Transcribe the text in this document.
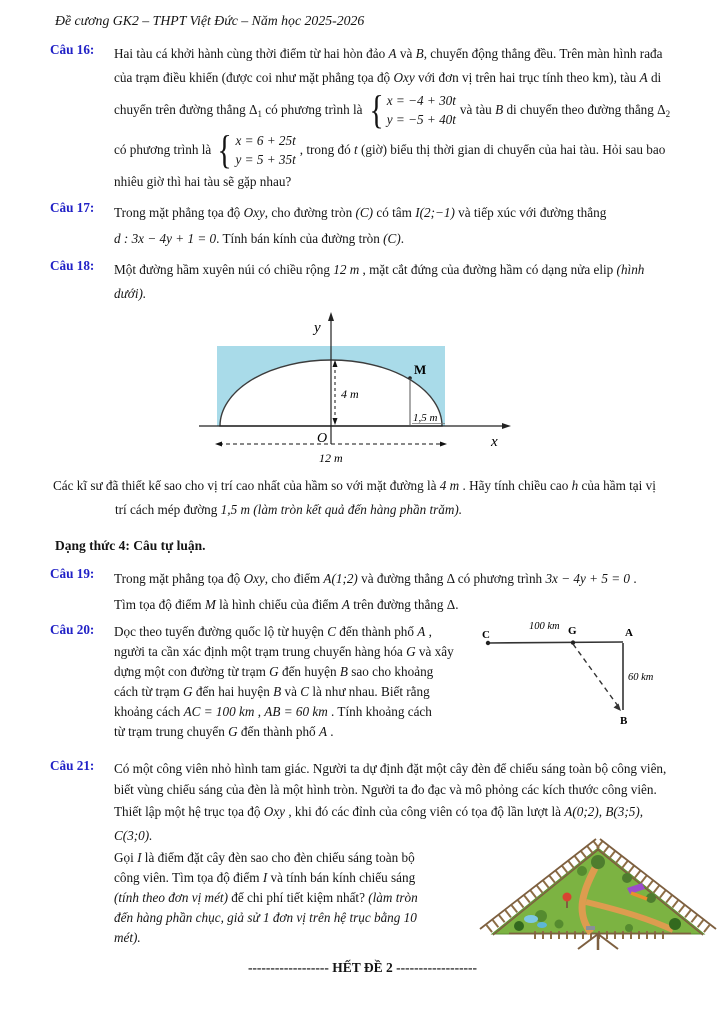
Đề cương GK2 – THPT Việt Đức – Năm học 2025-2026
Câu 16:	Hai tàu cá khởi hành cùng thời điểm từ hai hòn đảo A và B, chuyển động thẳng đều. Trên màn hình rađa
của trạm điều khiển (được coi như mặt phẳng tọa độ Oxy với đơn vị trên hai trục tính theo km), tàu A di
chuyển trên đường thẳng $\Delta_1$ có phương trình là { x = −4 + 30t
y = −5 + 40t
và tàu B di chuyển theo đường thẳng $\Delta_2$
có phương trình là { x = 6 + 25t
y = 5 + 35t
, trong đó t (giờ) biểu thị thời gian di chuyển của hai tàu. Hỏi sau bao
nhiêu giờ thì hai tàu sẽ gặp nhau?
Câu 17:	Trong mặt phẳng tọa độ Oxy, cho đường tròn (C) có tâm I(2;−1) và tiếp xúc với đường thẳng
d : 3x − 4y + 1 = 0. Tính bán kính của đường tròn (C).
Câu 18:	Một đường hầm xuyên núi có chiều rộng 12 m , mặt cắt đứng của đường hầm có dạng nửa elip (hình
dưới).
y
x
O
4 m
M
1,5 m
12 m
Các kĩ sư đã thiết kế sao cho vị trí cao nhất của hầm so với mặt đường là 4 m . Hãy tính chiều cao h của hầm tại vị
trí cách mép đường 1,5 m (làm tròn kết quả đến hàng phần trăm).
Dạng thức 4: Câu tự luận.
Câu 19:	Trong mặt phẳng tọa độ Oxy, cho điểm A(1;2) và đường thẳng Δ có phương trình 3x − 4y + 5 = 0 .
Tìm tọa độ điểm M là hình chiếu của điểm A trên đường thẳng Δ.
Câu 20:	Dọc theo tuyến đường quốc lộ từ huyện C đến thành phố A ,
người ta cần xác định một trạm trung chuyển hàng hóa G và xây
dựng một con đường từ trạm G đến huyện B sao cho khoảng
cách từ trạm G đến hai huyện B và C là như nhau. Biết rằng
khoảng cách AC = 100 km , AB = 60 km . Tính khoảng cách
từ trạm trung chuyển G đến thành phố A .
C	G	A
B
100 km
60 km
Câu 21:	Có một công viên nhỏ hình tam giác. Người ta dự định đặt một cây đèn để chiếu sáng toàn bộ công viên,
biết vùng chiếu sáng của đèn là một hình tròn. Người ta đo đạc và mô phỏng các kích thước công viên.
Thiết lập một hệ trục tọa độ Oxy , khi đó các đỉnh của công viên có tọa độ lần lượt là A(0;2), B(3;5),
C(3;0).
Gọi I là điểm đặt cây đèn sao cho đèn chiếu sáng toàn bộ
công viên. Tìm tọa độ điểm I và tính bán kính chiếu sáng
(tính theo đơn vị mét) để chi phí tiết kiệm nhất? (làm tròn
đến hàng phần chục, giả sử 1 đơn vị trên hệ trục bằng 10
mét).
------------------ HẾT ĐỀ 2 ------------------
